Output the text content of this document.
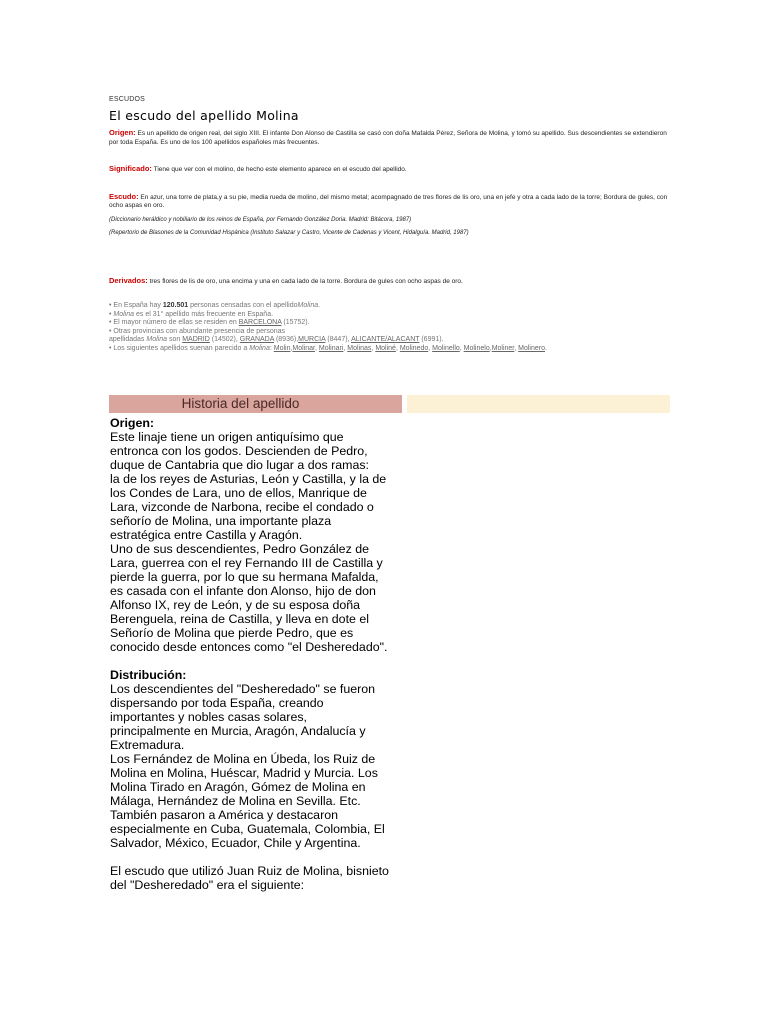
ESCUDOS
El escudo del apellido Molina
Origen: Es un apellido de origen real, del siglo XIII. El infante Don Alonso de Castilla se casó con doña Mafalda Pérez, Señora de Molina, y tomó su apellido. Sus descendientes se extendieron por toda España. Es uno de los 100 apellidos españoles más frecuentes.
Significado: Tiene que ver con el molino, de hecho este elemento aparece en el escudo del apellido.
Escudo: En azur, una torre de plata,y a su pie, media rueda de molino, del mismo metal; acompagnado de tres flores de lis oro, una en jefe y otra a cada lado de la torre; Bordura de gules, con ocho aspas en oro.
(Diccionario heráldico y nobiliario de los reinos de España, por Fernando González Doria. Madrid: Bitácora, 1987)
(Repertorio de Blasones de la Comunidad Hispánica (Instituto Salazar y Castro, Vicente de Cadenas y Vicent, Hidalguía. Madrid, 1987)
Derivados: tres flores de lis de oro, una encima y una en cada lado de la torre. Bordura de gules con ocho aspas de oro.
• En España hay 120.501 personas censadas con el apellidoMolina.
• Molina es el 31° apellido más frecuente en España.
• El mayor número de ellas se residen en BARCELONA (15752).
• Otras provincias con abundante presencia de personas
apellidadas Molina son MADRID (14502), GRANADA (8936),MURCIA (8447), ALICANTE/ALACANT (6991).
• Los siguientes apellidos suenan parecido a Molina: Molin,Molinar, Molinari, Molinas, Moliné, Molinedo, Molinello, Molinelo,Moliner, Molinero.
Historia del apellido

Origen:

Este linaje tiene un origen antiquísimo que

entronca con los godos. Descienden de Pedro,

duque de Cantabria que dio lugar a dos ramas:

la de los reyes de Asturias, León y Castilla, y la de

los Condes de Lara, uno de ellos, Manrique de

Lara, vizconde de Narbona, recibe el condado o

señorío de Molina, una importante plaza

estratégica entre Castilla y Aragón.

Uno de sus descendientes, Pedro González de

Lara, guerrea con el rey Fernando III de Castilla y

pierde la guerra, por lo que su hermana Mafalda,

es casada con el infante don Alonso, hijo de don

Alfonso IX, rey de León, y de su esposa doña

Berenguela, reina de Castilla, y lleva en dote el

Señorío de Molina que pierde Pedro, que es

conocido desde entonces como "el Desheredado".

Distribución:

Los descendientes del "Desheredado" se fueron

dispersando por toda España, creando

importantes y nobles casas solares,

principalmente en Murcia, Aragón, Andalucía y

Extremadura.

Los Fernández de Molina en Úbeda, los Ruiz de

Molina en Molina, Huéscar, Madrid y Murcia. Los

Molina Tirado en Aragón, Gómez de Molina en

Málaga, Hernández de Molina en Sevilla. Etc.

También pasaron a América y destacaron

especialmente en Cuba, Guatemala, Colombia, El

Salvador, México, Ecuador, Chile y Argentina.

El escudo que utilizó Juan Ruiz de Molina, bisnieto

del "Desheredado" era el siguiente:
